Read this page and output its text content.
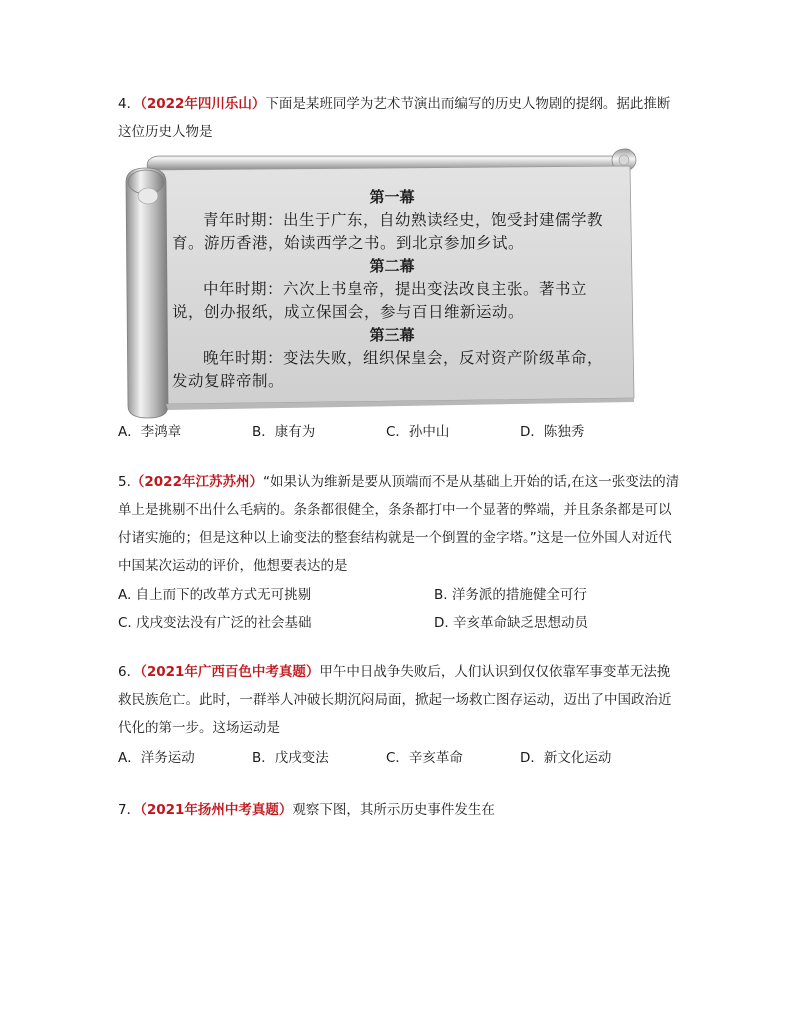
4．（2022年四川乐山）下面是某班同学为艺术节演出而编写的历史人物剧的提纲。据此推断这位历史人物是
第一幕
青年时期：出生于广东，自幼熟读经史，饱受封建儒学教育。游历香港，始读西学之书。到北京参加乡试。
第二幕
中年时期：六次上书皇帝，提出变法改良主张。著书立说，创办报纸，成立保国会，参与百日维新运动。
第三幕
晚年时期：变法失败，组织保皇会，反对资产阶级革命，发动复辟帝制。
A．李鸿章	B．康有为	C．孙中山	D．陈独秀
5.（2022年江苏苏州）“如果认为维新是要从顶端而不是从基础上开始的话,在这一张变法的清单上是挑剔不出什么毛病的。条条都很健全，条条都打中一个显著的弊端，并且条条都是可以付诸实施的；但是这种以上谕变法的整套结构就是一个倒置的金字塔。”这是一位外国人对近代中国某次运动的评价，他想要表达的是
A. 自上而下的改革方式无可挑剔	B. 洋务派的措施健全可行
C. 戊戌变法没有广泛的社会基础	D. 辛亥革命缺乏思想动员
6．（2021年广西百色中考真题）甲午中日战争失败后，人们认识到仅仅依靠军事变革无法挽救民族危亡。此时，一群举人冲破长期沉闷局面，掀起一场救亡图存运动，迈出了中国政治近代化的第一步。这场运动是
A．洋务运动	B．戊戌变法	C．辛亥革命	D．新文化运动
7．（2021年扬州中考真题）观察下图，其所示历史事件发生在
